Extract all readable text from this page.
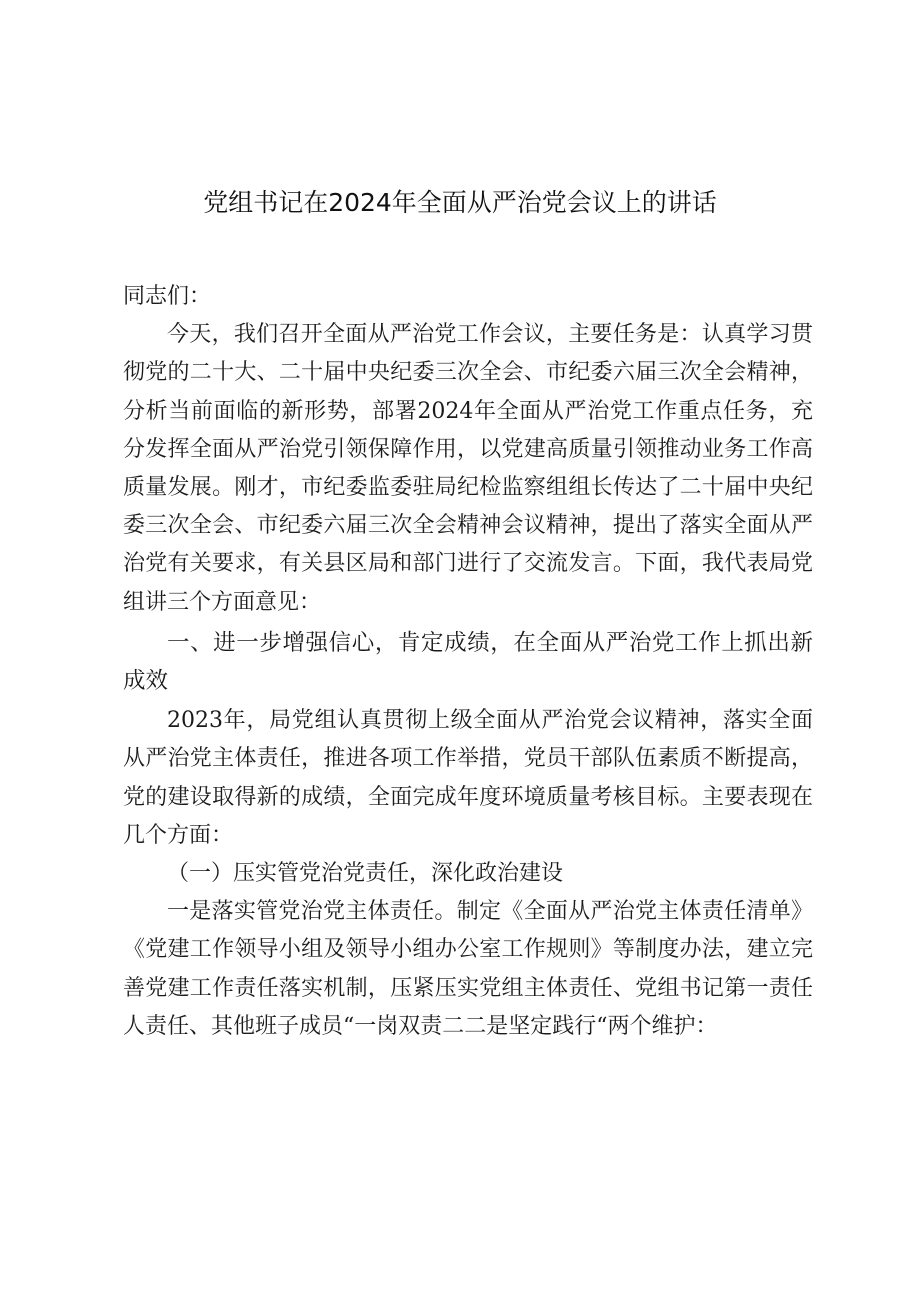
党组书记在2024年全面从严治党会议上的讲话

同志们：

今天，我们召开全面从严治党工作会议，主要任务是：认真学习贯彻党的二十大、二十届中央纪委三次全会、市纪委六届三次全会精神，分析当前面临的新形势，部署2024年全面从严治党工作重点任务，充分发挥全面从严治党引领保障作用，以党建高质量引领推动业务工作高质量发展。刚才，市纪委监委驻局纪检监察组组长传达了二十届中央纪委三次全会、市纪委六届三次全会精神会议精神，提出了落实全面从严治党有关要求，有关县区局和部门进行了交流发言。下面，我代表局党组讲三个方面意见：

一、进一步增强信心，肯定成绩，在全面从严治党工作上抓出新成效

2023年，局党组认真贯彻上级全面从严治党会议精神，落实全面从严治党主体责任，推进各项工作举措，党员干部队伍素质不断提高，党的建设取得新的成绩，全面完成年度环境质量考核目标。主要表现在几个方面：

（一）压实管党治党责任，深化政治建设

一是落实管党治党主体责任。制定《全面从严治党主体责任清单》《党建工作领导小组及领导小组办公室工作规则》等制度办法，建立完善党建工作责任落实机制，压紧压实党组主体责任、党组书记第一责任人责任、其他班子成员“一岗双责二二是坚定践行“两个维护：
